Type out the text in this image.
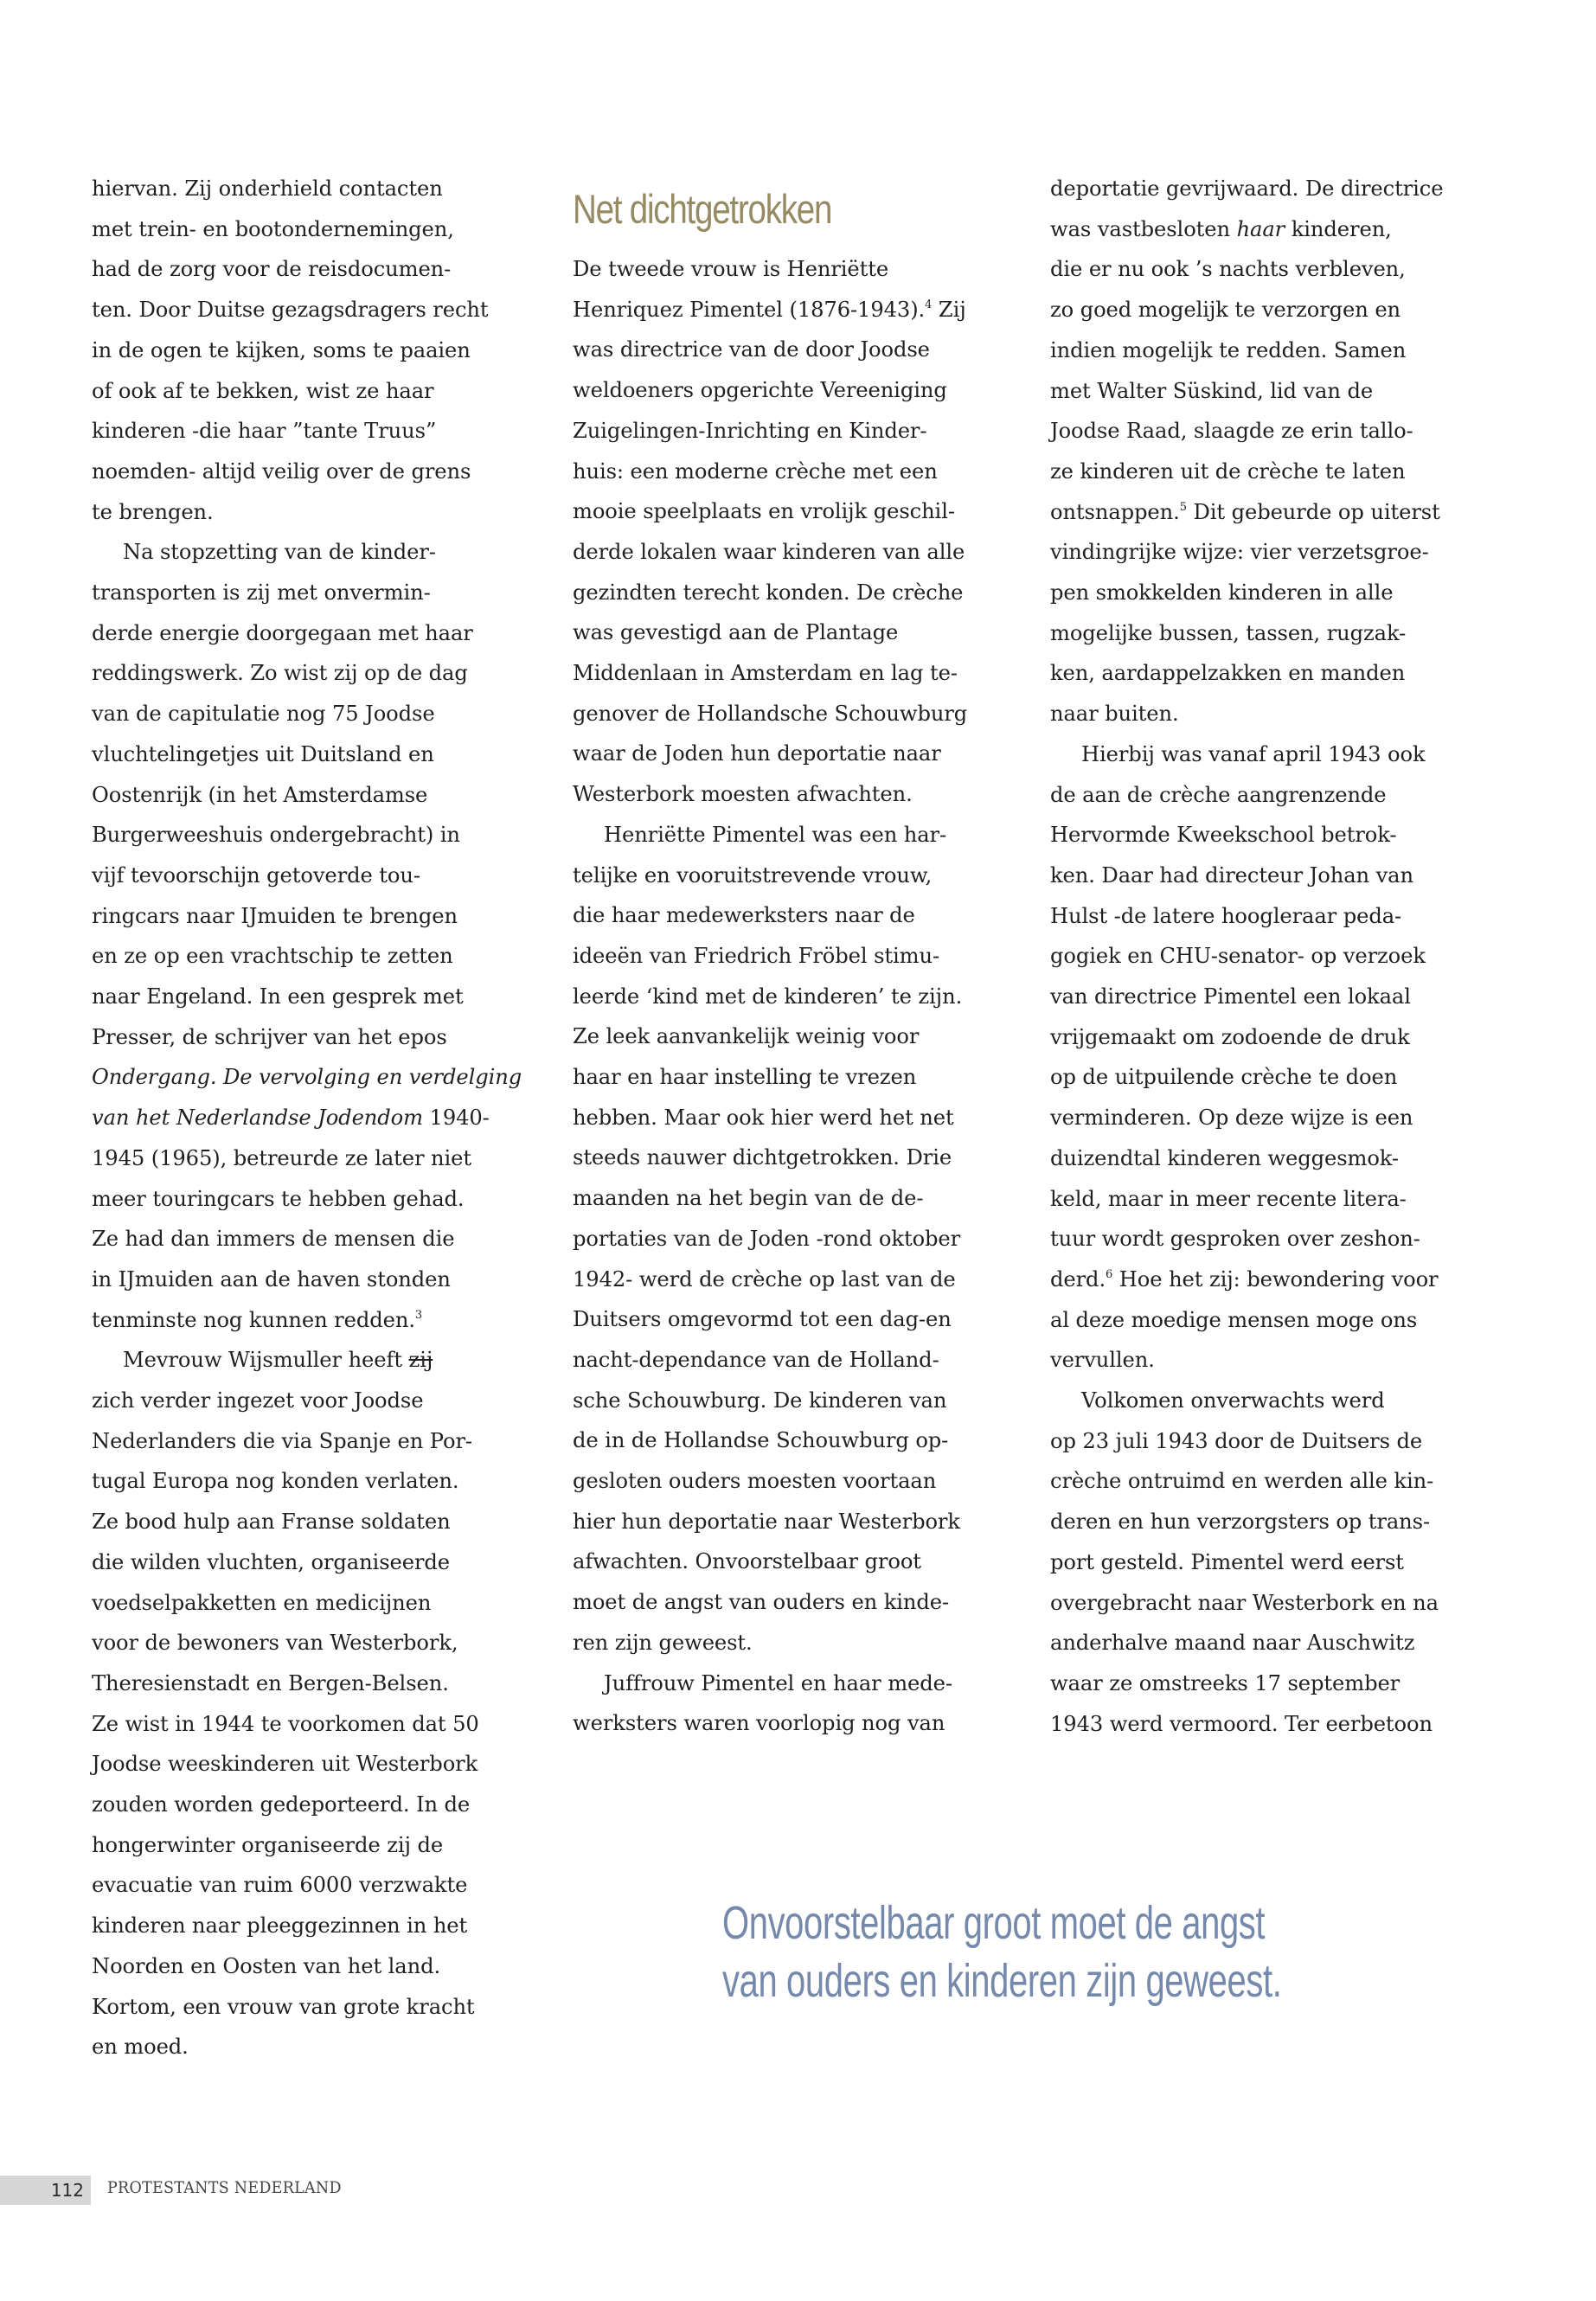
hiervan. Zij onderhield contacten
met trein- en bootondernemingen,
had de zorg voor de reisdocumen-
ten. Door Duitse gezagsdragers recht
in de ogen te kijken, soms te paaien
of ook af te bekken, wist ze haar
kinderen -die haar ”tante Truus”
noemden- altijd veilig over de grens
te brengen.
Na stopzetting van de kinder-
transporten is zij met onvermin-
derde energie doorgegaan met haar
reddingswerk. Zo wist zij op de dag
van de capitulatie nog 75 Joodse
vluchtelingetjes uit Duitsland en
Oostenrijk (in het Amsterdamse
Burgerweeshuis ondergebracht) in
vijf tevoorschijn getoverde tou-
ringcars naar IJmuiden te brengen
en ze op een vrachtschip te zetten
naar Engeland. In een gesprek met
Presser, de schrijver van het epos
Ondergang. De vervolging en verdelging
van het Nederlandse Jodendom 1940-
1945 (1965), betreurde ze later niet
meer touringcars te hebben gehad.
Ze had dan immers de mensen die
in IJmuiden aan de haven stonden
tenminste nog kunnen redden.$^3$
Mevrouw Wijsmuller heeft zij
zich verder ingezet voor Joodse
Nederlanders die via Spanje en Por-
tugal Europa nog konden verlaten.
Ze bood hulp aan Franse soldaten
die wilden vluchten, organiseerde
voedselpakketten en medicijnen
voor de bewoners van Westerbork,
Theresienstadt en Bergen-Belsen.
Ze wist in 1944 te voorkomen dat 50
Joodse weeskinderen uit Westerbork
zouden worden gedeporteerd. In de
hongerwinter organiseerde zij de
evacuatie van ruim 6000 verzwakte
kinderen naar pleeggezinnen in het
Noorden en Oosten van het land.
Kortom, een vrouw van grote kracht
en moed.
De tweede vrouw is Henriëtte
Henriquez Pimentel (1876-1943).$^4$ Zij
was directrice van de door Joodse
weldoeners opgerichte Vereeniging
Zuigelingen-Inrichting en Kinder-
huis: een moderne crèche met een
mooie speelplaats en vrolijk geschil-
derde lokalen waar kinderen van alle
gezindten terecht konden. De crèche
was gevestigd aan de Plantage
Middenlaan in Amsterdam en lag te-
genover de Hollandsche Schouwburg
waar de Joden hun deportatie naar
Westerbork moesten afwachten.
Henriëtte Pimentel was een har-
telijke en vooruitstrevende vrouw,
die haar medewerksters naar de
ideeën van Friedrich Fröbel stimu-
leerde ‘kind met de kinderen’ te zijn.
Ze leek aanvankelijk weinig voor
haar en haar instelling te vrezen
hebben. Maar ook hier werd het net
steeds nauwer dichtgetrokken. Drie
maanden na het begin van de de-
portaties van de Joden -rond oktober
1942- werd de crèche op last van de
Duitsers omgevormd tot een dag-en
nacht-dependance van de Holland-
sche Schouwburg. De kinderen van
de in de Hollandse Schouwburg op-
gesloten ouders moesten voortaan
hier hun deportatie naar Westerbork
afwachten. Onvoorstelbaar groot
moet de angst van ouders en kinde-
ren zijn geweest.
Juffrouw Pimentel en haar mede-
werksters waren voorlopig nog van
deportatie gevrijwaard. De directrice
was vastbesloten haar kinderen,
die er nu ook ’s nachts verbleven,
zo goed mogelijk te verzorgen en
indien mogelijk te redden. Samen
met Walter Süskind, lid van de
Joodse Raad, slaagde ze erin tallo-
ze kinderen uit de crèche te laten
ontsnappen.$^5$ Dit gebeurde op uiterst
vindingrijke wijze: vier verzetsgroe-
pen smokkelden kinderen in alle
mogelijke bussen, tassen, rugzak-
ken, aardappelzakken en manden
naar buiten.
Hierbij was vanaf april 1943 ook
de aan de crèche aangrenzende
Hervormde Kweekschool betrok-
ken. Daar had directeur Johan van
Hulst -de latere hoogleraar peda-
gogiek en CHU-senator- op verzoek
van directrice Pimentel een lokaal
vrijgemaakt om zodoende de druk
op de uitpuilende crèche te doen
verminderen. Op deze wijze is een
duizendtal kinderen weggesmok-
keld, maar in meer recente litera-
tuur wordt gesproken over zeshon-
derd.$^6$ Hoe het zij: bewondering voor
al deze moedige mensen moge ons
vervullen.
Volkomen onverwachts werd
op 23 juli 1943 door de Duitsers de
crèche ontruimd en werden alle kin-
deren en hun verzorgsters op trans-
port gesteld. Pimentel werd eerst
overgebracht naar Westerbork en na
anderhalve maand naar Auschwitz
waar ze omstreeks 17 september
1943 werd vermoord. Ter eerbetoon
Net dichtgetrokken
Onvoorstelbaar groot moet de angst
van ouders en kinderen zijn geweest.
112 PROTESTANTS NEDERLAND
